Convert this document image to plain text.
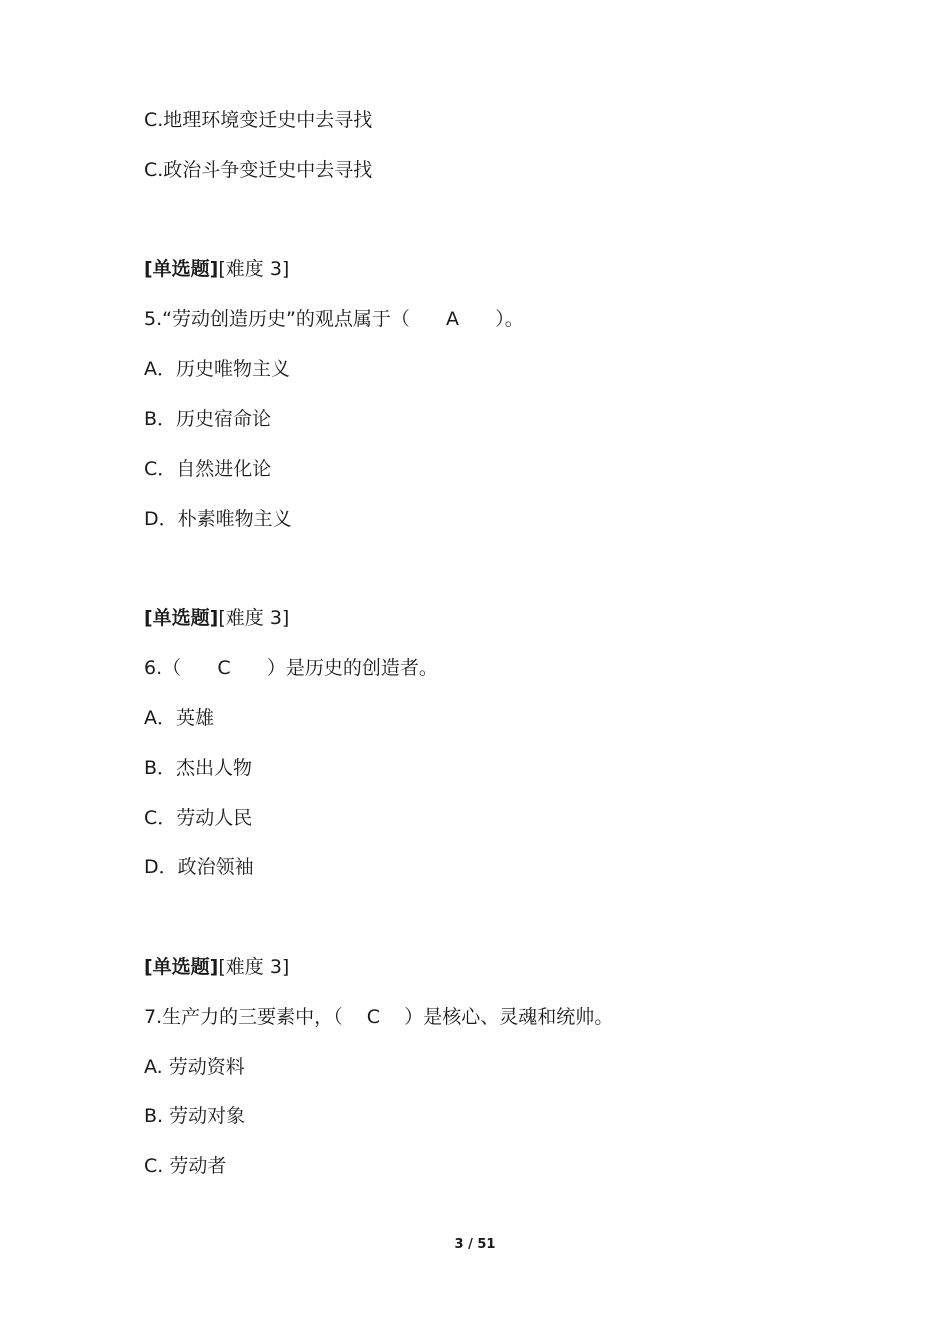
C.地理环境变迁史中去寻找
C.政治斗争变迁史中去寻找
[单选题][难度 3]
5.“劳动创造历史”的观点属于（      A      ）。
A．历史唯物主义
B．历史宿命论
C．自然进化论
D．朴素唯物主义
[单选题][难度 3]
6.（      C      ）是历史的创造者。
A．英雄
B．杰出人物
C．劳动人民
D．政治领袖
[单选题][难度 3]
7.生产力的三要素中，（    C    ）是核心、灵魂和统帅。
A. 劳动资料
B. 劳动对象
C. 劳动者
3 / 51
